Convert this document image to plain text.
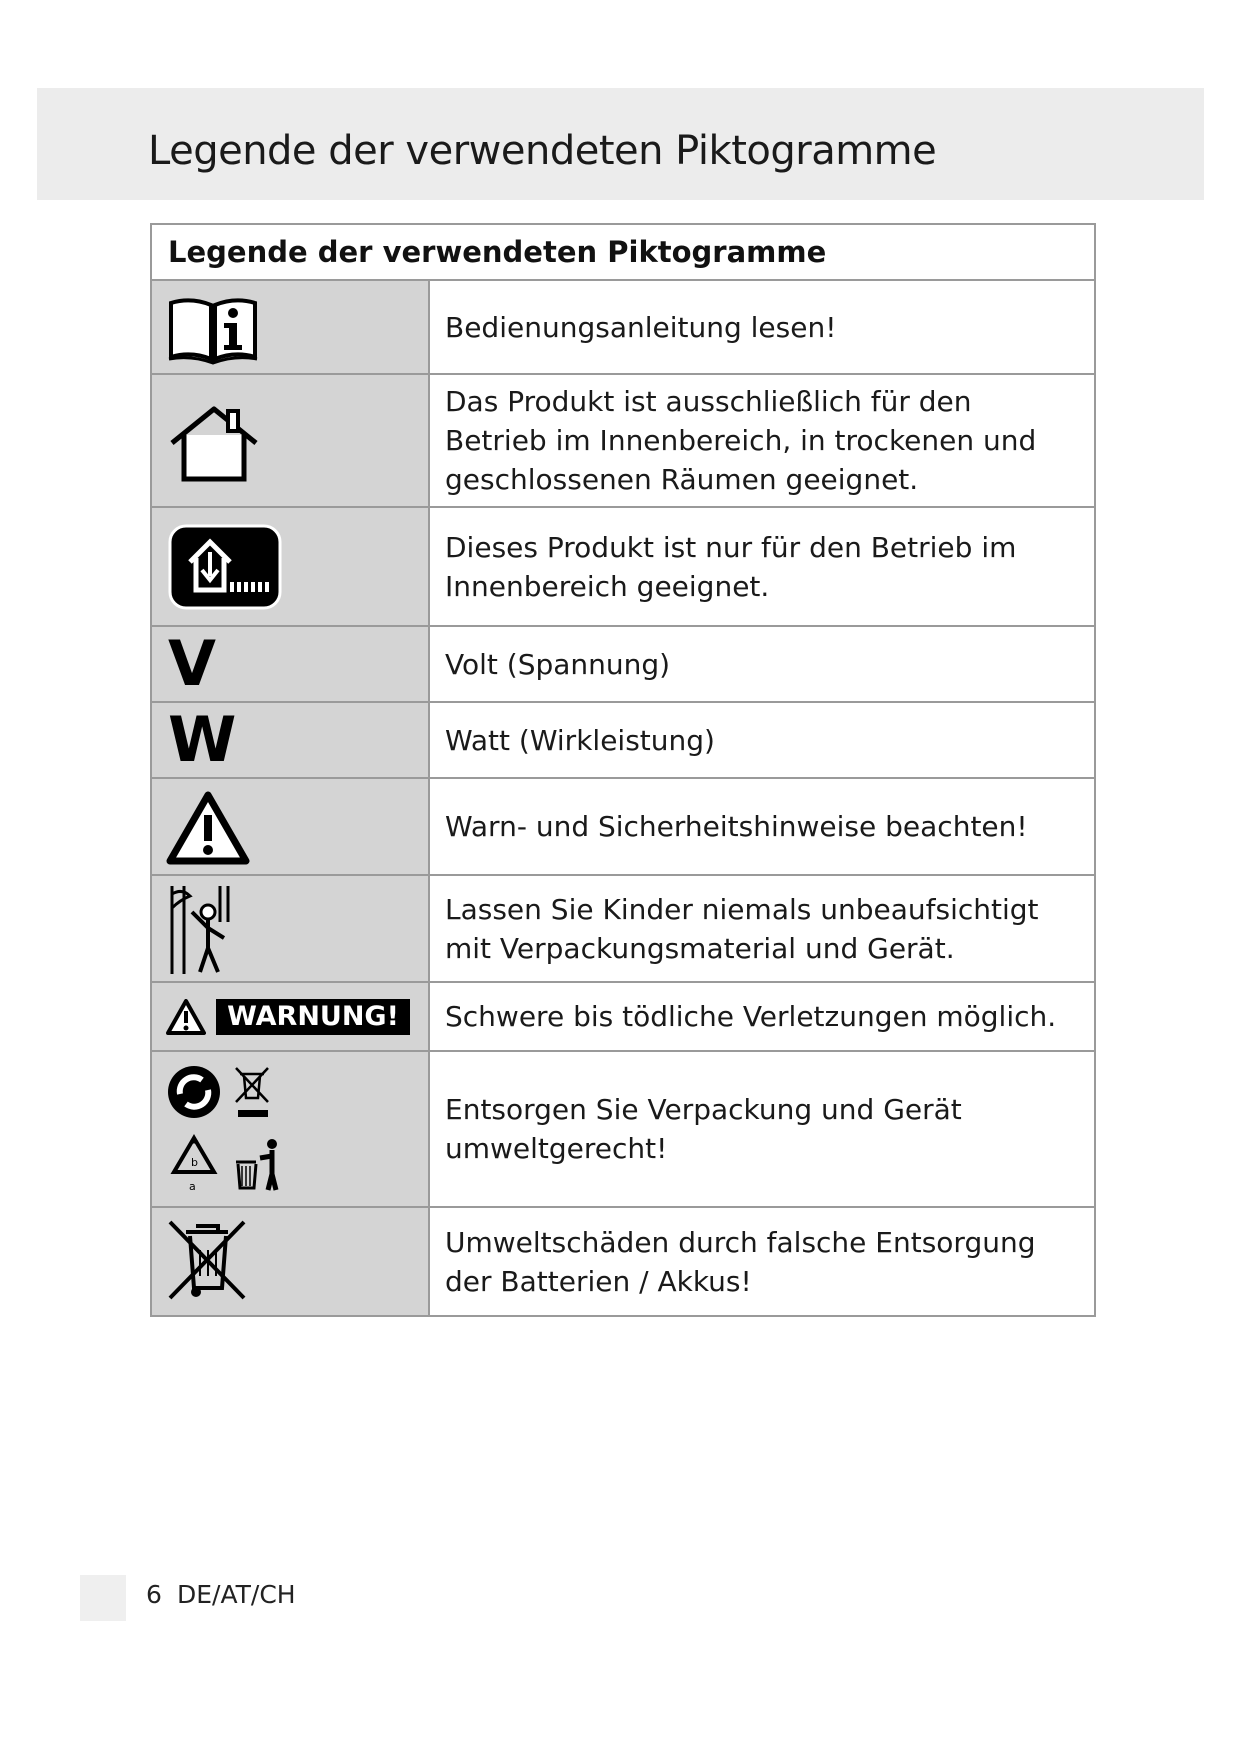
Legende der verwendeten Piktogramme
Legende der verwendeten Piktogramme
Bedienungsanleitung lesen!
Das Produkt ist ausschließlich für den Betrieb im Innenbereich, in trockenen und geschlossenen Räumen geeignet.
Dieses Produkt ist nur für den Betrieb im Innenbereich geeignet.
V	Volt (Spannung)
W	Watt (Wirkleistung)
Warn- und Sicherheitshinweise beachten!
Lassen Sie Kinder niemals unbeaufsichtigt mit Verpackungsmaterial und Gerät.
WARNUNG!	Schwere bis tödliche Verletzungen möglich.
b
a
Entsorgen Sie Verpackung und Gerät umweltgerecht!
Umweltschäden durch falsche Entsorgung der Batterien / Akkus!
6 DE/AT/CH
